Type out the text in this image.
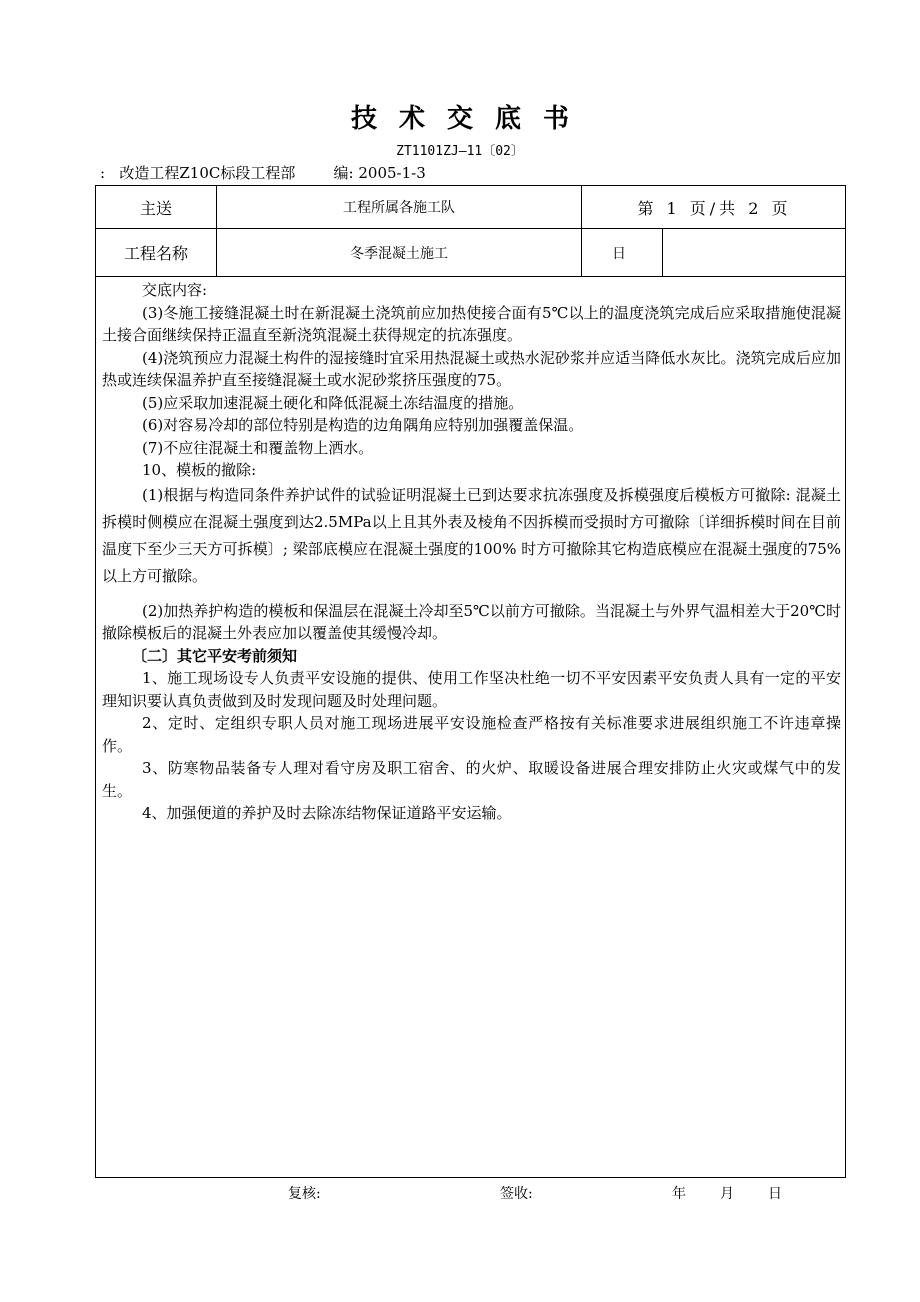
技术交底书
ZT1101ZJ—11〔02〕
: 改造工程Z10C标段工程部	编: 2005-1-3
主送	工程所属各施工队	第 1 页/共 2 页
工程名称	冬季混凝土施工	日

交底内容:

(3)冬施工接缝混凝土时在新混凝土浇筑前应加热使接合面有5℃以上的温度浇筑完成后应采取措施使混凝土接合面继续保持正温直至新浇筑混凝土获得规定的抗冻强度。

(4)浇筑预应力混凝土构件的湿接缝时宜采用热混凝土或热水泥砂浆并应适当降低水灰比。浇筑完成后应加热或连续保温养护直至接缝混凝土或水泥砂浆挤压强度的75。

(5)应采取加速混凝土硬化和降低混凝土冻结温度的措施。

(6)对容易冷却的部位特别是构造的边角隅角应特别加强覆盖保温。

(7)不应往混凝土和覆盖物上洒水。

10、模板的撤除:

(1)根据与构造同条件养护试件的试验证明混凝土已到达要求抗冻强度及拆模强度后模板方可撤除: 混凝土拆模时侧模应在混凝土强度到达2.5MPa以上且其外表及棱角不因拆模而受损时方可撤除〔详细拆模时间在目前温度下至少三天方可拆模〕; 梁部底模应在混凝土强度的100% 时方可撤除其它构造底模应在混凝土强度的75% 以上方可撤除。

(2)加热养护构造的模板和保温层在混凝土冷却至5℃以前方可撤除。当混凝土与外界气温相差大于20℃时撤除模板后的混凝土外表应加以覆盖使其缓慢冷却。

〔二〕其它平安考前须知

1、施工现场设专人负责平安设施的提供、使用工作坚决杜绝一切不平安因素平安负责人具有一定的平安理知识要认真负责做到及时发现问题及时处理问题。

2、定时、定组织专职人员对施工现场进展平安设施检查严格按有关标准要求进展组织施工不许违章操作。

3、防寒物品装备专人理对看守房及职工宿舍、的火炉、取暖设备进展合理安排防止火灾或煤气中的发生。

4、加强便道的养护及时去除冻结物保证道路平安运输。

复核:	签收:	年 月 日
